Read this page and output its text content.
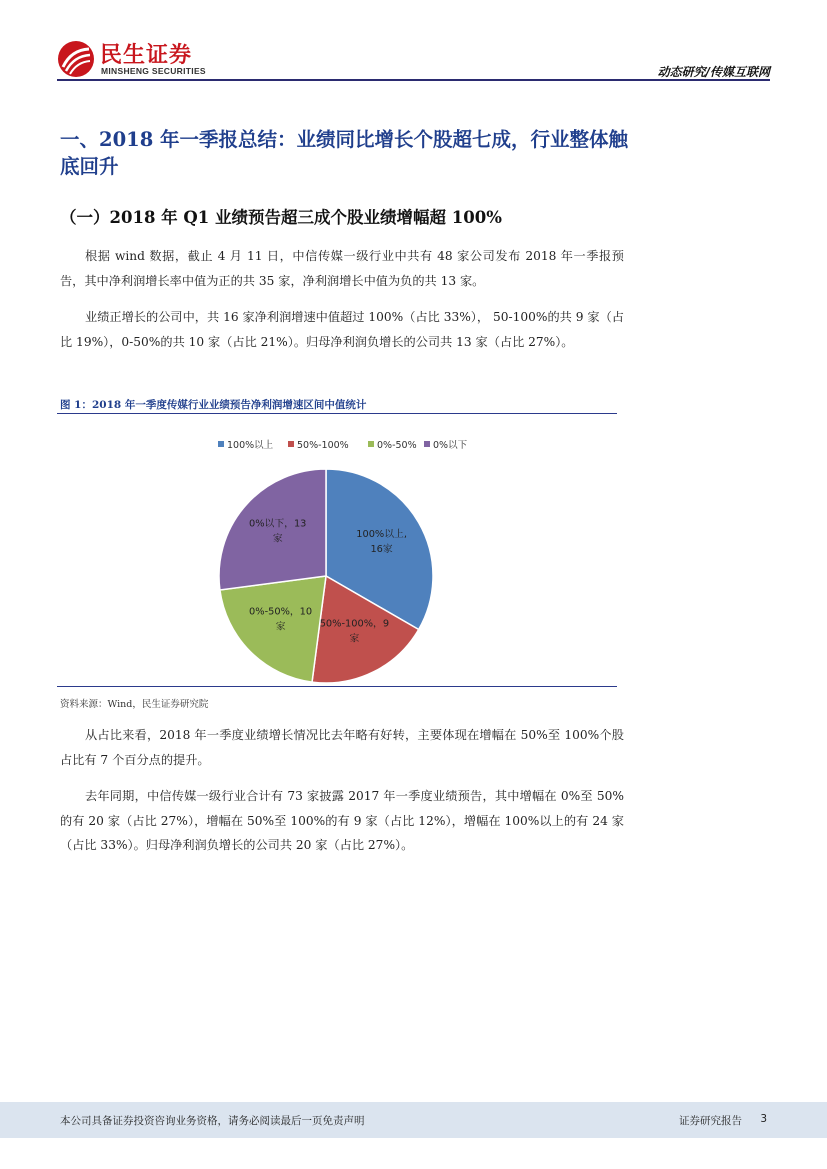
民生证券
MINSHENG SECURITIES	动态研究/传媒互联网
一、2018 年一季报总结：业绩同比增长个股超七成，行业整体触底回升
（一）2018 年 Q1 业绩预告超三成个股业绩增幅超 100%
根据 wind 数据，截止 4 月 11 日，中信传媒一级行业中共有 48 家公司发布 2018 年一季报预告，其中净利润增长率中值为正的共 35 家，净利润增长中值为负的共 13 家。
业绩正增长的公司中，共 16 家净利润增速中值超过 100%（占比 33%）， 50-100%的共 9 家（占比 19%），0-50%的共 10 家（占比 21%）。归母净利润负增长的公司共 13 家（占比 27%）。
图 1：2018 年一季度传媒行业业绩预告净利润增速区间中值统计
100%以上	50%-100%	0%-50% 0%以下
100%以上, 16家
50%-100%，9 家
0%-50%，10 家
0%以下，13 家
资料来源：Wind，民生证券研究院
从占比来看，2018 年一季度业绩增长情况比去年略有好转，主要体现在增幅在 50%至 100%个股占比有 7 个百分点的提升。
去年同期，中信传媒一级行业合计有 73 家披露 2017 年一季度业绩预告，其中增幅在 0%至 50%的有 20 家（占比 27%），增幅在 50%至 100%的有 9 家（占比 12%），增幅在 100%以上的有 24 家（占比 33%）。归母净利润负增长的公司共 20 家（占比 27%）。
本公司具备证券投资咨询业务资格，请务必阅读最后一页免责声明	证券研究报告 3
